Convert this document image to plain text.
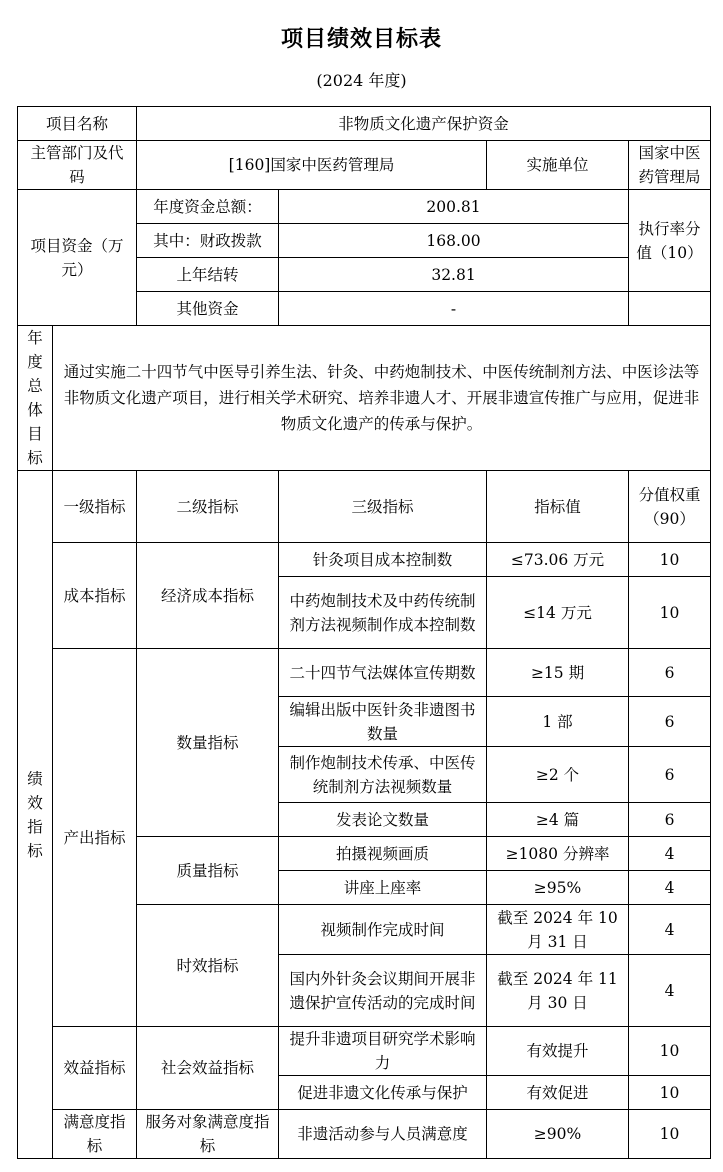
项目绩效目标表
(2024 年度)
项目名称		非物质文化遗产保护资金			
主管部门及代码		[160]国家中医药管理局		实施单位	国家中医药管理局
项目资金（万元）		年度资金总额：	200.81		执行率分值（10）
		其中：财政拨款	168.00		
		上年结转	32.81		
		其他资金	-		
年度总体目标	通过实施二十四节气中医导引养生法、针灸、中药炮制技术、中医传统制剂方法、中医诊法等非物质文化遗产项目，进行相关学术研究、培养非遗人才、开展非遗宣传推广与应用，促进非物质文化遗产的传承与保护。				
绩效指标	一级指标	二级指标	三级指标	指标值	分值权重（90）
	成本指标	经济成本指标	针灸项目成本控制数	≤73.06 万元	10
			中药炮制技术及中药传统制剂方法视频制作成本控制数	≤14 万元	10
	产出指标	数量指标	二十四节气法媒体宣传期数	≥15 期	6
			编辑出版中医针灸非遗图书数量	1 部	6
			制作炮制技术传承、中医传统制剂方法视频数量	≥2 个	6
			发表论文数量	≥4 篇	6
		质量指标	拍摄视频画质	≥1080 分辨率	4
			讲座上座率	≥95%	4
		时效指标	视频制作完成时间	截至 2024 年 10 月 31 日	4
			国内外针灸会议期间开展非遗保护宣传活动的完成时间	截至 2024 年 11 月 30 日	4
	效益指标	社会效益指标	提升非遗项目研究学术影响力	有效提升	10
			促进非遗文化传承与保护	有效促进	10
	满意度指标	服务对象满意度指标	非遗活动参与人员满意度	≥90%	10
